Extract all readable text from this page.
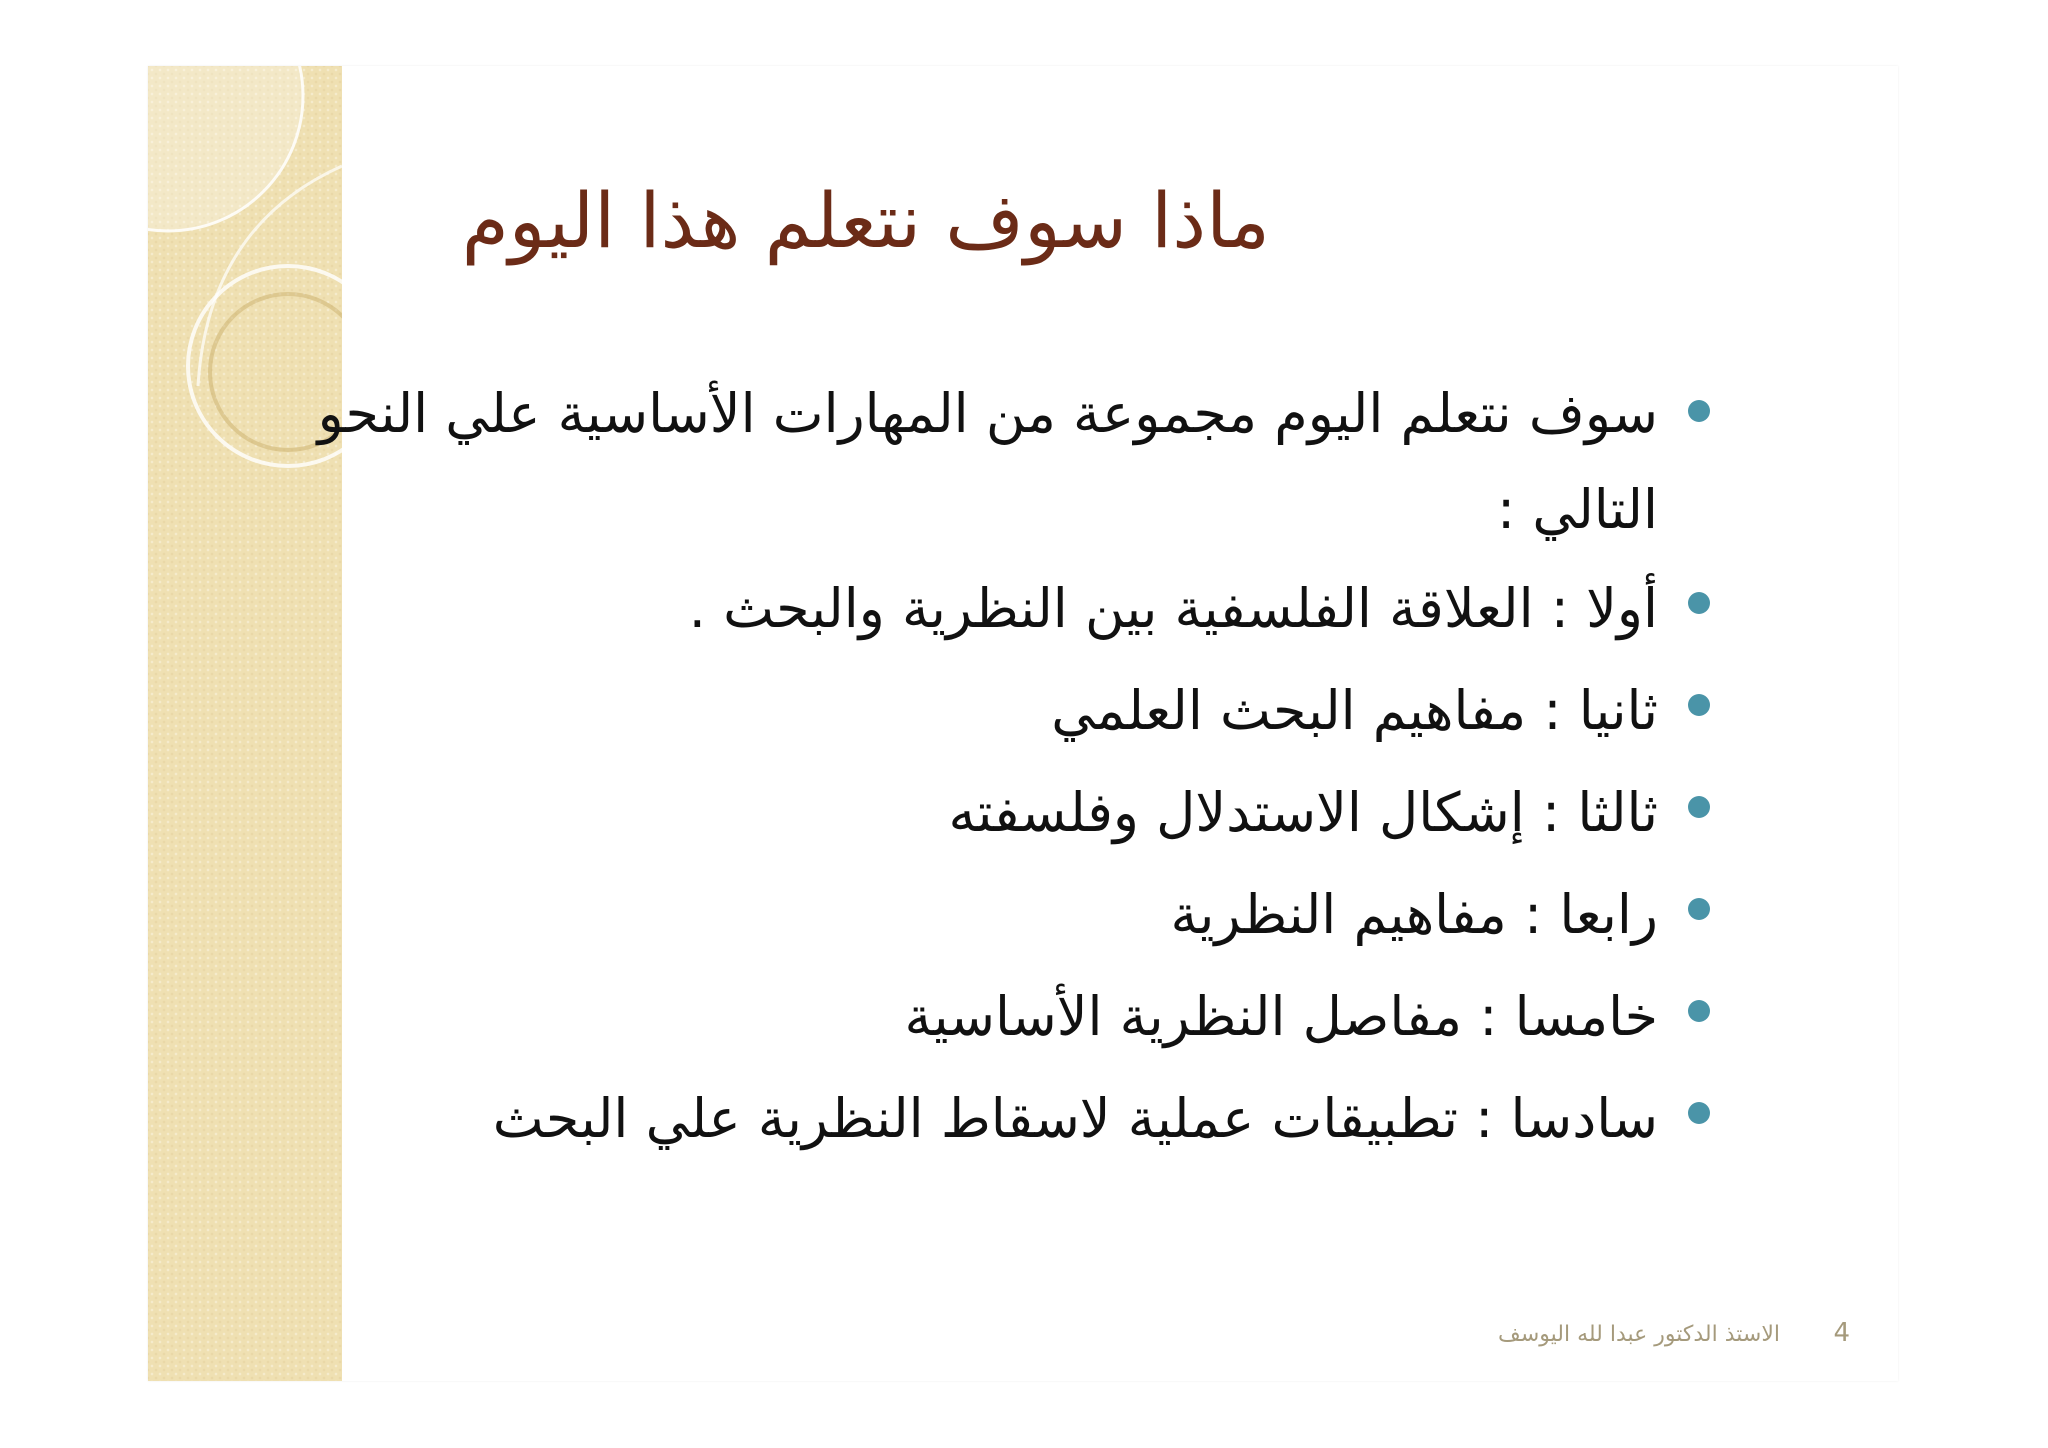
ماذا سوف نتعلم هذا اليوم
سوف نتعلم اليوم مجموعة من المهارات الأساسية علي النحو التالي :
أولا : العلاقة الفلسفية بين النظرية والبحث .
ثانيا : مفاهيم البحث العلمي
ثالثا : إشكال الاستدلال وفلسفته
رابعا : مفاهيم النظرية
خامسا : مفاصل النظرية الأساسية
سادسا : تطبيقات عملية لاسقاط النظرية علي البحث
الاستذ الدكتور عبدا لله اليوسف 4
